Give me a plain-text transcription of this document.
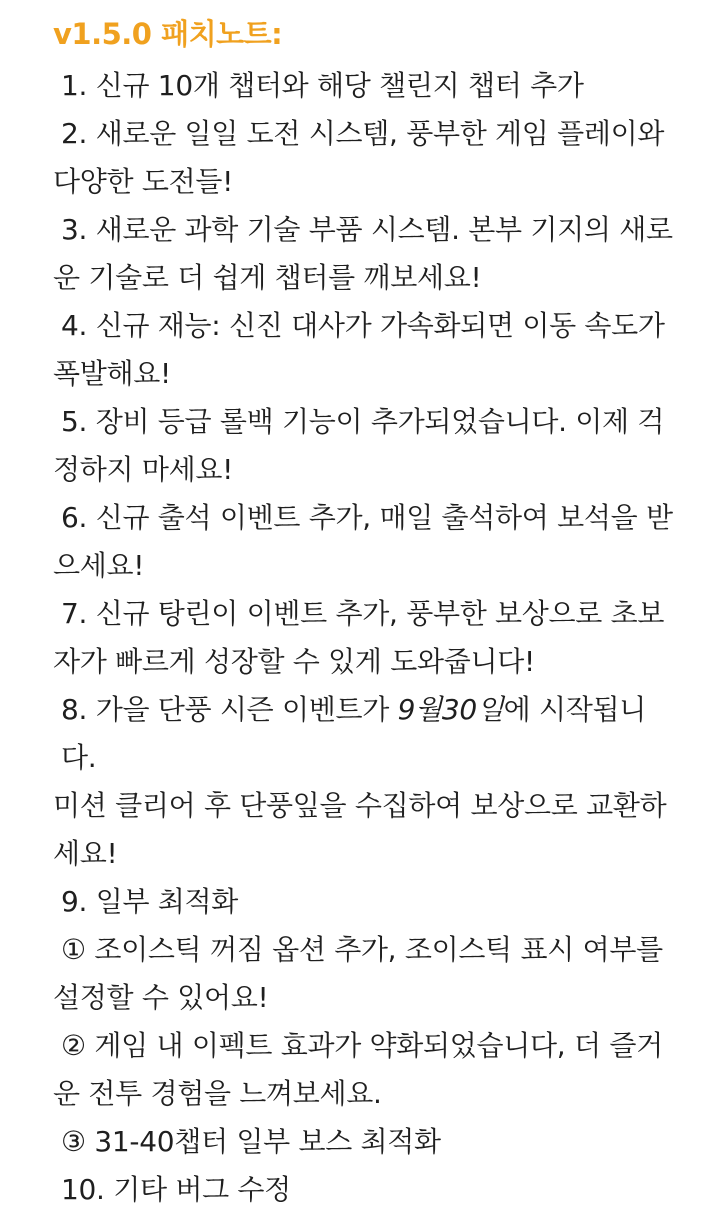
v1.5.0 패치노트:
1. 신규 10개 챕터와 해당 챌린지 챕터 추가
2. 새로운 일일 도전 시스템, 풍부한 게임 플레이와
다양한 도전들!
3. 새로운 과학 기술 부품 시스템. 본부 기지의 새로
운 기술로 더 쉽게 챕터를 깨보세요!
4. 신규 재능: 신진 대사가 가속화되면 이동 속도가
폭발해요!
5. 장비 등급 롤백 기능이 추가되었습니다. 이제 걱
정하지 마세요!
6. 신규 출석 이벤트 추가, 매일 출석하여 보석을 받
으세요!
7. 신규 탕린이 이벤트 추가, 풍부한 보상으로 초보
자가 빠르게 성장할 수 있게 도와줍니다!
8. 가을 단풍 시즌 이벤트가 9월30일에 시작됩니다.
미션 클리어 후 단풍잎을 수집하여 보상으로 교환하
세요!
9. 일부 최적화
① 조이스틱 꺼짐 옵션 추가, 조이스틱 표시 여부를
설정할 수 있어요!
② 게임 내 이펙트 효과가 약화되었습니다, 더 즐거
운 전투 경험을 느껴보세요.
③ 31-40챕터 일부 보스 최적화
10. 기타 버그 수정
